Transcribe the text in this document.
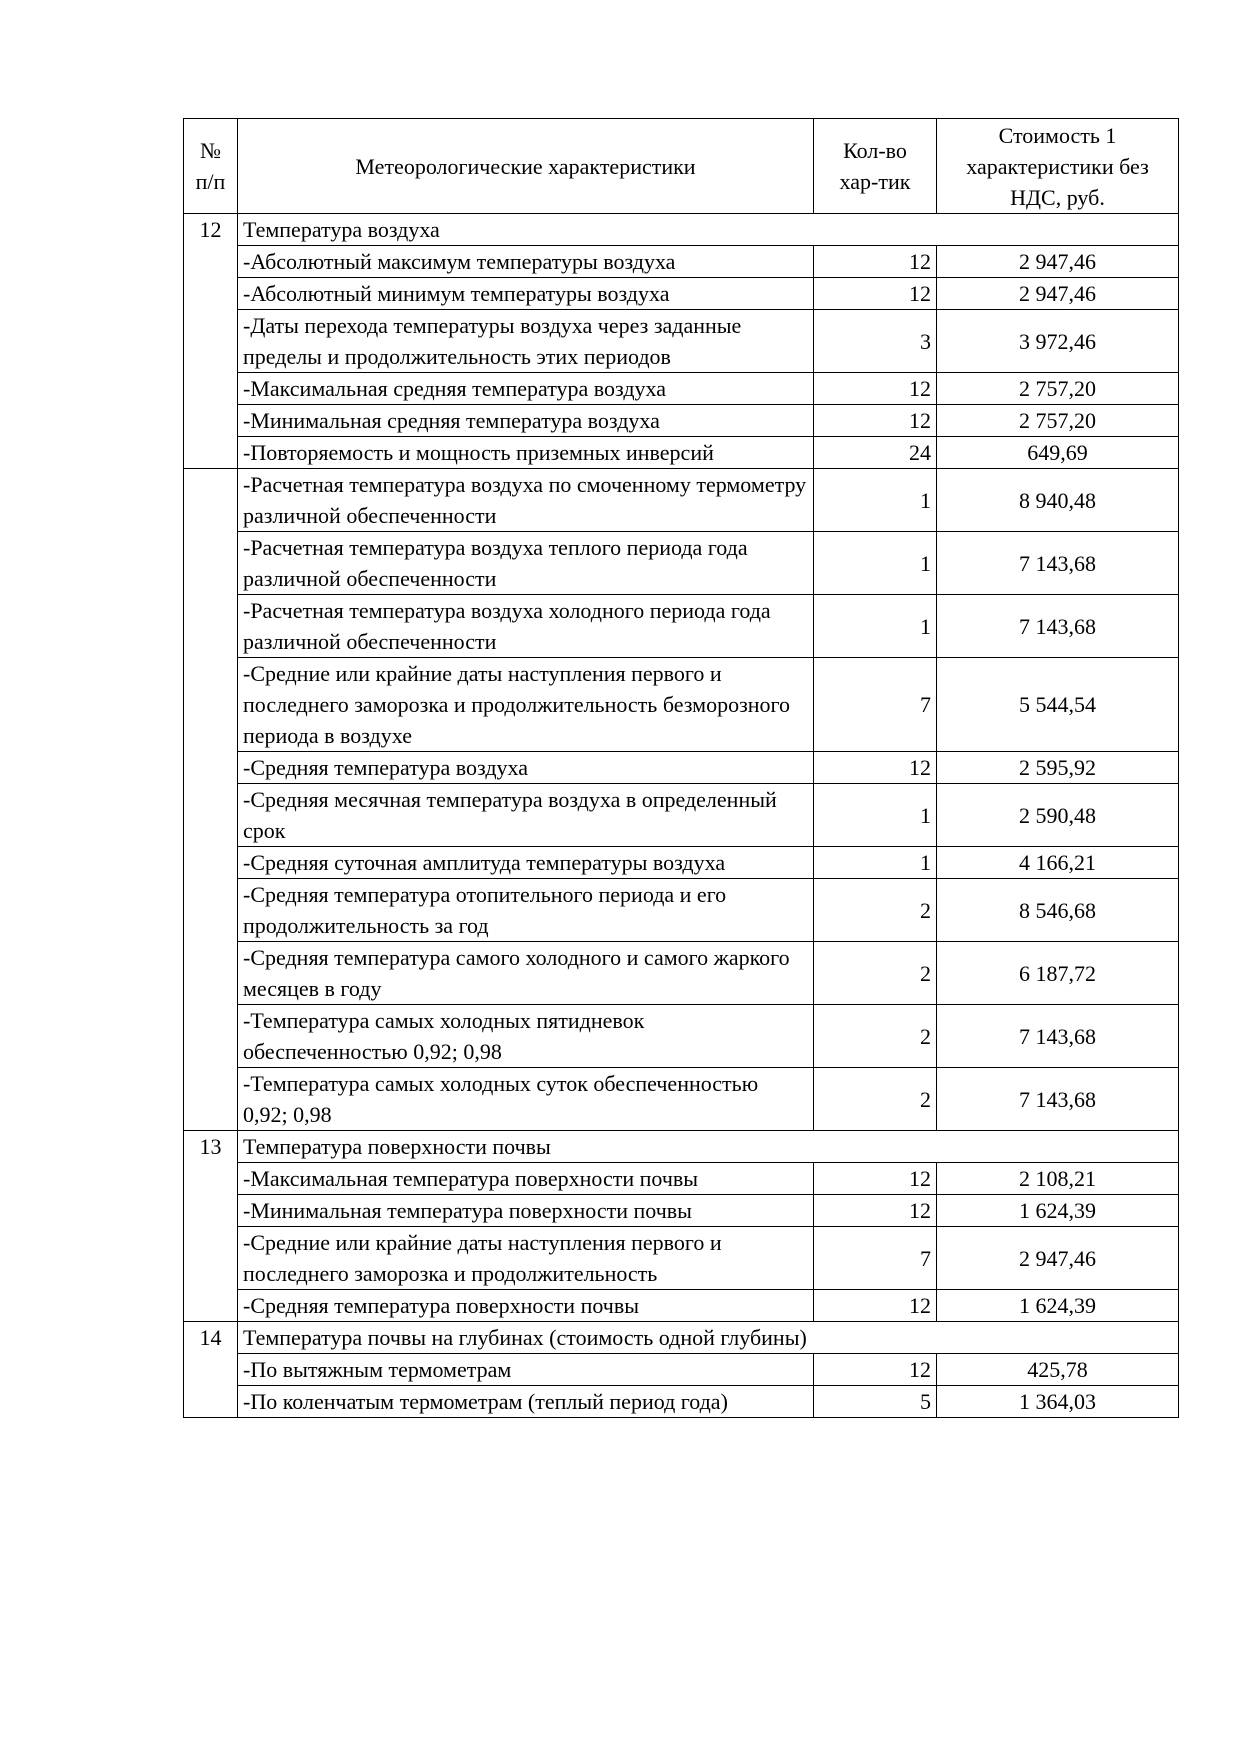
№ п/п	Метеорологические характеристики	Кол-во хар-тик	Стоимость 1 характеристики без НДС, руб.
12	Температура воздуха		
	-Абсолютный максимум температуры воздуха	12	2 947,46
	-Абсолютный минимум температуры воздуха	12	2 947,46
	-Даты перехода температуры воздуха через заданные пределы и продолжительность этих периодов	3	3 972,46
	-Максимальная средняя температура воздуха	12	2 757,20
	-Минимальная средняя температура воздуха	12	2 757,20
	-Повторяемость и мощность приземных инверсий	24	649,69
	-Расчетная температура воздуха по смоченному термометру различной обеспеченности	1	8 940,48
	-Расчетная температура воздуха теплого периода года различной обеспеченности	1	7 143,68
	-Расчетная температура воздуха холодного периода года различной обеспеченности	1	7 143,68
	-Средние или крайние даты наступления первого и последнего заморозка и продолжительность безморозного периода в воздухе	7	5 544,54
	-Средняя температура воздуха	12	2 595,92
	-Средняя месячная температура воздуха в определенный срок	1	2 590,48
	-Средняя суточная амплитуда температуры воздуха	1	4 166,21
	-Средняя температура отопительного периода и его продолжительность за год	2	8 546,68
	-Средняя температура самого холодного и самого жаркого месяцев в году	2	6 187,72
	-Температура самых холодных пятидневок обеспеченностью 0,92; 0,98	2	7 143,68
	-Температура самых холодных суток обеспеченностью 0,92; 0,98	2	7 143,68
13	Температура поверхности почвы		
	-Максимальная температура поверхности почвы	12	2 108,21
	-Минимальная температура поверхности почвы	12	1 624,39
	-Средние или крайние даты наступления первого и последнего заморозка и продолжительность	7	2 947,46
	-Средняя температура поверхности почвы	12	1 624,39
14	Температура почвы на глубинах (стоимость одной глубины)		
	-По вытяжным термометрам	12	425,78
	-По коленчатым термометрам (теплый период года)	5	1 364,03
